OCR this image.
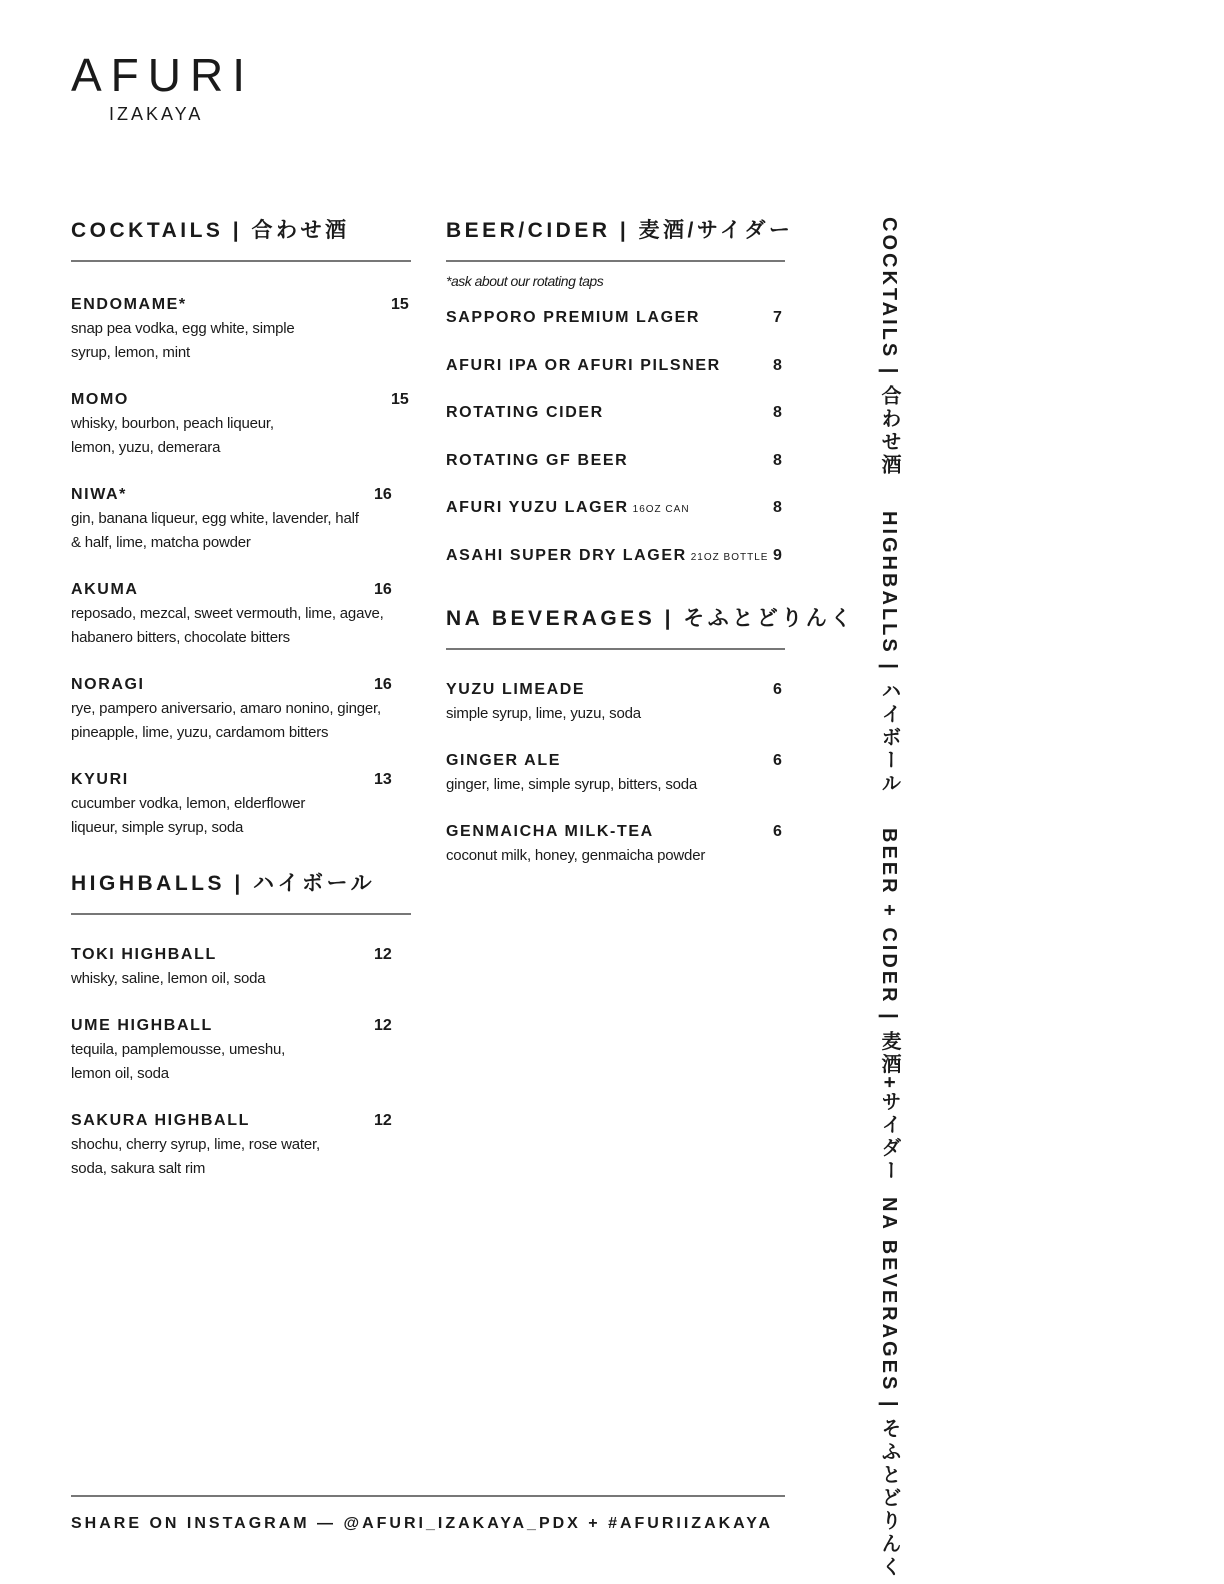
AFURI
IZAKAYA
COCKTAILS | 合わせ酒
ENDOMAME*	15
snap pea vodka, egg white, simple syrup, lemon, mint
MOMO	15
whisky, bourbon, peach liqueur, lemon, yuzu, demerara
NIWA*	16
gin, banana liqueur, egg white, lavender, half & half, lime, matcha powder
AKUMA	16
reposado, mezcal, sweet vermouth, lime, agave, habanero bitters, chocolate bitters
NORAGI	16
rye, pampero aniversario, amaro nonino, ginger, pineapple, lime, yuzu, cardamom bitters
KYURI	13
cucumber vodka, lemon, elderflower liqueur, simple syrup, soda
HIGHBALLS | ハイボール
TOKI HIGHBALL	12
whisky, saline, lemon oil, soda
UME HIGHBALL	12
tequila, pamplemousse, umeshu, lemon oil, soda
SAKURA HIGHBALL	12
shochu, cherry syrup, lime, rose water, soda, sakura salt rim
BEER/CIDER | 麦酒/サイダー
*ask about our rotating taps
SAPPORO PREMIUM LAGER	7
AFURI IPA OR AFURI PILSNER	8
ROTATING CIDER	8
ROTATING GF BEER	8
AFURI YUZU LAGER 16OZ CAN	8
ASAHI SUPER DRY LAGER 21OZ BOTTLE 9
NA BEVERAGES | そふとどりんく
YUZU LIMEADE	6
simple syrup, lime, yuzu, soda
GINGER ALE	6
ginger, lime, simple syrup, bitters, soda
GENMAICHA MILK-TEA	6
coconut milk, honey, genmaicha powder
COCKTAILS | 合わせ酒
HIGHBALLS | ハイボール
BEER + CIDER | 麦酒+サイダー
NA BEVERAGES | そふとどりんく
SHARE ON INSTAGRAM — @AFURI_IZAKAYA_PDX + #AFURIIZAKAYA
